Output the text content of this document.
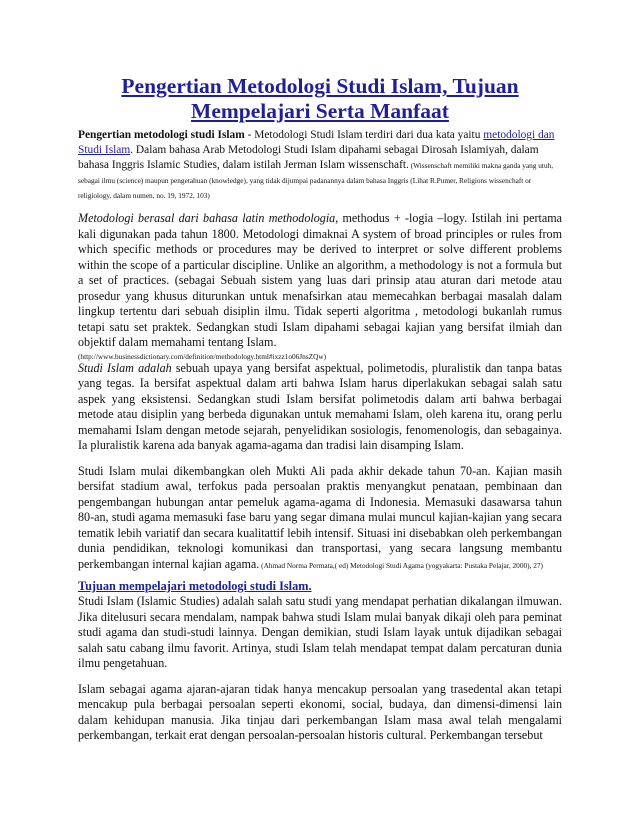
Pengertian Metodologi Studi Islam, Tujuan Mempelajari Serta Manfaat

Pengertian metodologi studi Islam - Metodologi Studi Islam terdiri dari dua kata yaitu metodologi dan Studi Islam. Dalam bahasa Arab Metodologi Studi Islam dipahami sebagai Dirosah Islamiyah, dalam bahasa Inggris Islamic Studies, dalam istilah Jerman Islam wissenschaft. (Wissenschaft memiliki makna ganda yang utuh, sebagai ilmu (science) maupun pengetahuan (knowledge), yang tidak dijumpai padanannya dalam bahasa Inggris (Lihat R.Pumer, Religions wissenchaft or religiology, dalam numen, no. 19, 1972, 103)

Metodologi berasal dari bahasa latin methodologia, methodus + -logia –logy. Istilah ini pertama kali digunakan pada tahun 1800. Metodologi dimaknai A system of broad principles or rules from which specific methods or procedures may be derived to interpret or solve different problems within the scope of a particular discipline. Unlike an algorithm, a methodology is not a formula but a set of practices. (sebagai Sebuah sistem yang luas dari prinsip atau aturan dari metode atau prosedur yang khusus diturunkan untuk menafsirkan atau memecahkan berbagai masalah dalam lingkup tertentu dari sebuah disiplin ilmu. Tidak seperti algoritma , metodologi bukanlah rumus tetapi satu set praktek. Sedangkan studi Islam dipahami sebagai kajian yang bersifat ilmiah dan objektif dalam memahami tentang Islam.
(http://www.businessdictionary.com/definition/methodology.html#ixzz1o06JnsZQw)

Studi Islam adalah sebuah upaya yang bersifat aspektual, polimetodis, pluralistik dan tanpa batas yang tegas. Ia bersifat aspektual dalam arti bahwa Islam harus diperlakukan sebagai salah satu aspek yang eksistensi. Sedangkan studi Islam bersifat polimetodis dalam arti bahwa berbagai metode atau disiplin yang berbeda digunakan untuk memahami Islam, oleh karena itu, orang perlu memahami Islam dengan metode sejarah, penyelidikan sosiologis, fenomenologis, dan sebagainya. Ia pluralistik karena ada banyak agama-agama dan tradisi lain disamping Islam.

Studi Islam mulai dikembangkan oleh Mukti Ali pada akhir dekade tahun 70-an. Kajian masih bersifat stadium awal, terfokus pada persoalan praktis menyangkut penataan, pembinaan dan pengembangan hubungan antar pemeluk agama-agama di Indonesia. Memasuki dasawarsa tahun 80-an, studi agama memasuki fase baru yang segar dimana mulai muncul kajian-kajian yang secara tematik lebih variatif dan secara kualitattif lebih intensif. Situasi ini disebabkan oleh perkembangan dunia pendidikan, teknologi komunikasi dan transportasi, yang secara langsung membantu perkembangan internal kajian agama. (Ahmad Norma Permata,( ed) Metodologi Studi Agama (yogyakarta: Pustaka Pelajar, 2000), 27)

Tujuan mempelajari metodologi studi Islam.

Studi Islam (Islamic Studies) adalah salah satu studi yang mendapat perhatian dikalangan ilmuwan. Jika ditelusuri secara mendalam, nampak bahwa studi Islam mulai banyak dikaji oleh para peminat studi agama dan studi-studi lainnya. Dengan demikian, studi Islam layak untuk dijadikan sebagai salah satu cabang ilmu favorit. Artinya, studi Islam telah mendapat tempat dalam percaturan dunia ilmu pengetahuan.

Islam sebagai agama ajaran-ajaran tidak hanya mencakup persoalan yang trasedental akan tetapi mencakup pula berbagai persoalan seperti ekonomi, social, budaya, dan dimensi-dimensi lain dalam kehidupan manusia. Jika tinjau dari perkembangan Islam masa awal telah mengalami perkembangan, terkait erat dengan persoalan-persoalan historis cultural. Perkembangan tersebut
